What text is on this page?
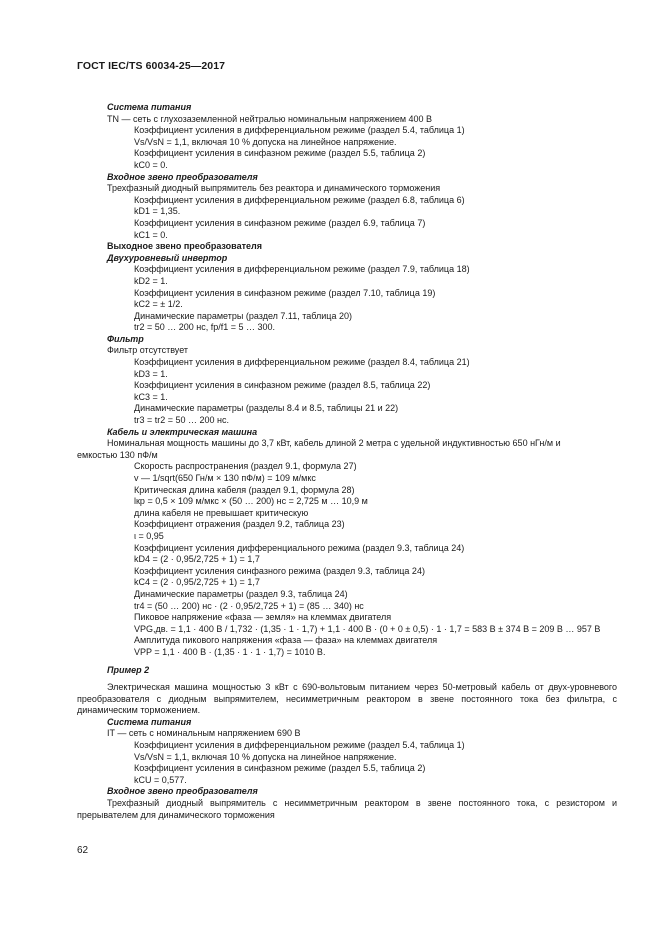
ГОСТ IEC/TS 60034-25—2017
Система питания
TN — сеть с глухозаземленной нейтралью номинальным напряжением 400 В
Коэффициент усиления в дифференциальном режиме (раздел 5.4, таблица 1)
Vs/VsN = 1,1, включая 10 % допуска на линейное напряжение.
Коэффициент усиления в синфазном режиме (раздел 5.5, таблица 2)
kC0 = 0.
Входное звено преобразователя
Трехфазный диодный выпрямитель без реактора и динамического торможения
Коэффициент усиления в дифференциальном режиме (раздел 6.8, таблица 6)
kD1 = 1,35.
Коэффициент усиления в синфазном режиме (раздел 6.9, таблица 7)
kC1 = 0.
Выходное звено преобразователя
Двухуровневый инвертор
Коэффициент усиления в дифференциальном режиме (раздел 7.9, таблица 18)
kD2 = 1.
Коэффициент усиления в синфазном режиме (раздел 7.10, таблица 19)
kC2 = ± 1/2.
Динамические параметры (раздел 7.11, таблица 20)
tr2 = 50 … 200 нс, fp/f1 = 5 … 300.
Фильтр
Фильтр отсутствует
Коэффициент усиления в дифференциальном режиме (раздел 8.4, таблица 21)
kD3 = 1.
Коэффициент усиления в синфазном режиме (раздел 8.5, таблица 22)
kC3 = 1.
Динамические параметры (разделы 8.4 и 8.5, таблицы 21 и 22)
tr3 = tr2 = 50 … 200 нс.
Кабель и электрическая машина
Номинальная мощность машины до 3,7 кВт, кабель длиной 2 метра с удельной индуктивностью 650 нГн/м и
емкостью 130 пФ/м
Скорость распространения (раздел 9.1, формула 27)
v — 1/sqrt(650 Гн/м × 130 пФ/м) = 109 м/мкс
Критическая длина кабеля (раздел 9.1, формула 28)
lкр = 0,5 × 109 м/мкс × (50 … 200) нс = 2,725 м … 10,9 м
длина кабеля не превышает критическую
Коэффициент отражения (раздел 9.2, таблица 23)
ι = 0,95
Коэффициент усиления дифференциального режима (раздел 9.3, таблица 24)
kD4 = (2 · 0,95/2,725 + 1) = 1,7
Коэффициент усиления синфазного режима (раздел 9.3, таблица 24)
kC4 = (2 · 0,95/2,725 + 1) = 1,7
Динамические параметры (раздел 9.3, таблица 24)
tr4 = (50 … 200) нс · (2 · 0,95/2,725 + 1) = (85 … 340) нс
Пиковое напряжение «фаза — земля» на клеммах двигателя
VPG,дв. = 1,1 · 400 В / 1,732 · (1,35 · 1 · 1,7) + 1,1 · 400 В · (0 + 0 ± 0,5) · 1 · 1,7 = 583 В ± 374 В = 209 В … 957 В
Амплитуда пикового напряжения «фаза — фаза» на клеммах двигателя
VPP = 1,1 · 400 В · (1,35 · 1 · 1 · 1,7) = 1010 В.
Пример 2
Электрическая машина мощностью 3 кВт с 690-вольтовым питанием через 50-метровый кабель от двух-уровневого преобразователя с диодным выпрямителем, несимметричным реактором в звене постоянного тока без фильтра, с динамическим торможением.
Система питания
IT — сеть с номинальным напряжением 690 В
Коэффициент усиления в дифференциальном режиме (раздел 5.4, таблица 1)
Vs/VsN = 1,1, включая 10 % допуска на линейное напряжение.
Коэффициент усиления в синфазном режиме (раздел 5.5, таблица 2)
kCU = 0,577.
Входное звено преобразователя
Трехфазный диодный выпрямитель с несимметричным реактором в звене постоянного тока, с резистором и прерывателем для динамического торможения
62
